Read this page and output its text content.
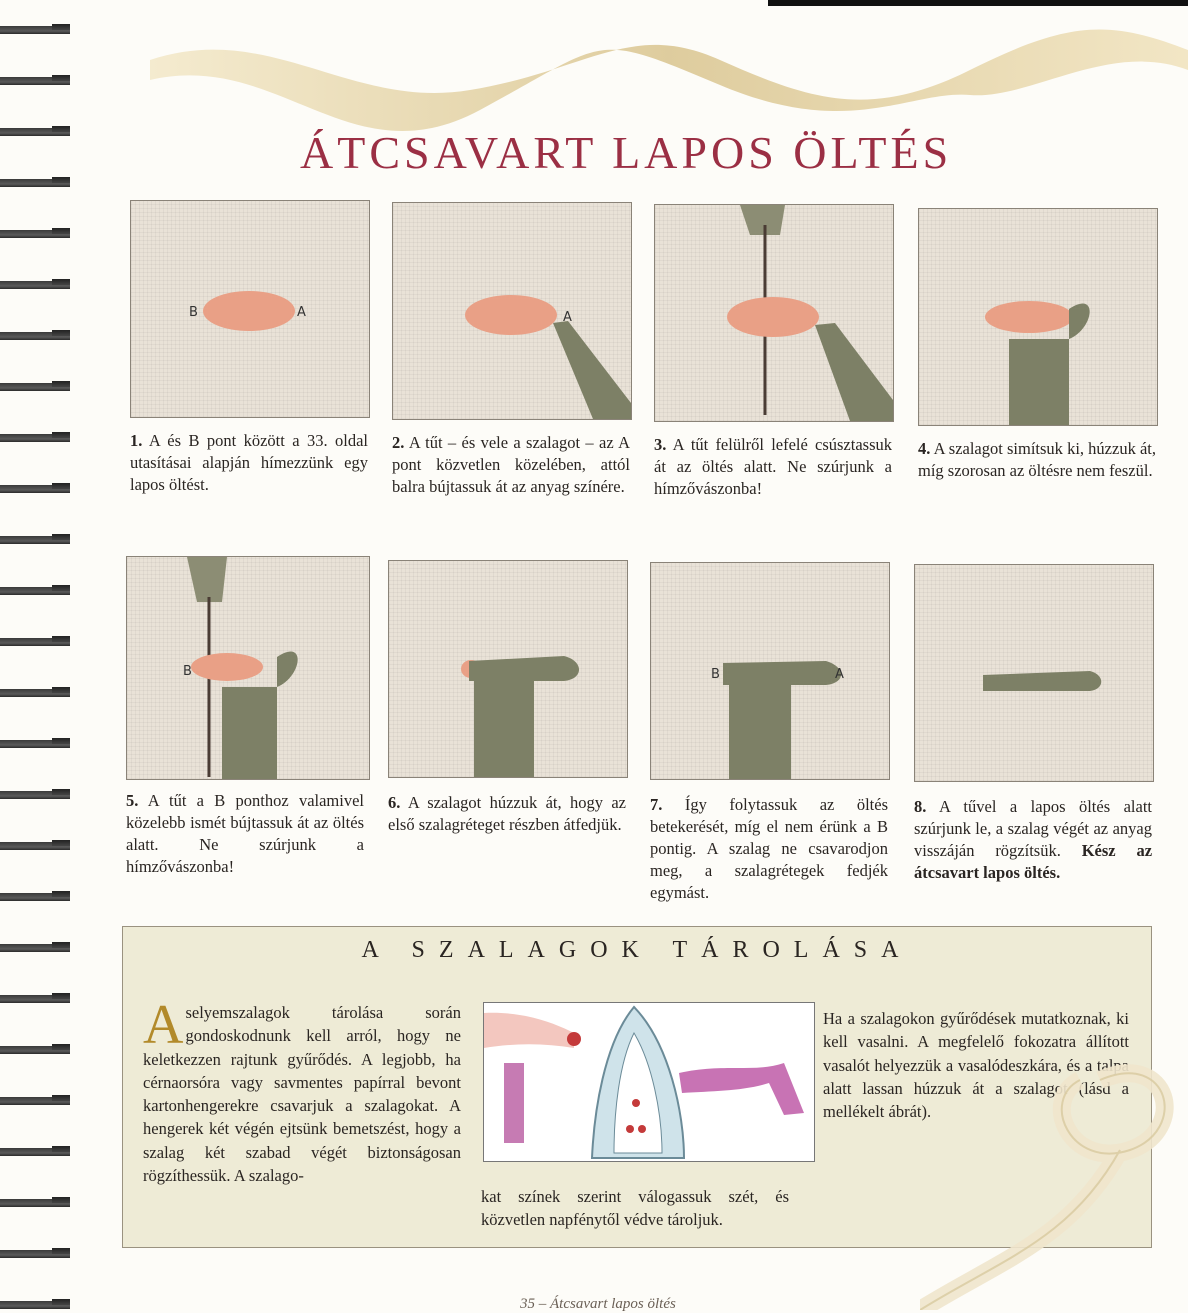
ÁTCSAVART LAPOS ÖLTÉS
B	A	A
1. A és B pont között a 33. oldal utasításai alapján hímezzünk egy lapos öltést.
2. A tűt – és vele a szalagot – az A pont közvetlen közelében, attól balra bújtassuk át az anyag színére.
3. A tűt felülről lefelé csúsztassuk át az öltés alatt. Ne szúrjunk a hímzővászonba!
4. A szalagot simítsuk ki, húzzuk át, míg szorosan az öltésre nem feszül.
B	B	A
5. A tűt a B ponthoz valamivel közelebb ismét bújtassuk át az öltés alatt. Ne szúrjunk a hímzővászonba!
6. A szalagot húzzuk át, hogy az első szalagréteget részben átfedjük.
7. Így folytassuk az öltés betekerését, míg el nem érünk a B pontig. A szalag ne csavarodjon meg, a szalagrétegek fedjék egymást.
8. A tűvel a lapos öltés alatt szúrjunk le, a szalag végét az anyag visszáján rögzítsük. Kész az átcsavart lapos öltés.
A SZALAGOK TÁROLÁSA
A selyemszalagok tárolása során gondoskodnunk kell arról, hogy ne keletkezzen rajtunk gyűrődés. A legjobb, ha cérnaorsóra vagy savmentes papírral bevont kartonhengerekre csavarjuk a szalagokat. A hengerek két végén ejtsünk bemetszést, hogy a szalag két szabad végét biztonságosan rögzíthessük. A szalago-
kat színek szerint válogassuk szét, és közvetlen napfénytől védve tároljuk.
Ha a szalagokon gyűrődések mutatkoznak, ki kell vasalni. A megfelelő fokozatra állított vasalót helyezzük a vasalódeszkára, és a talpa alatt lassan húzzuk át a szalagot (lásd a mellékelt ábrát).
35 – Átcsavart lapos öltés
